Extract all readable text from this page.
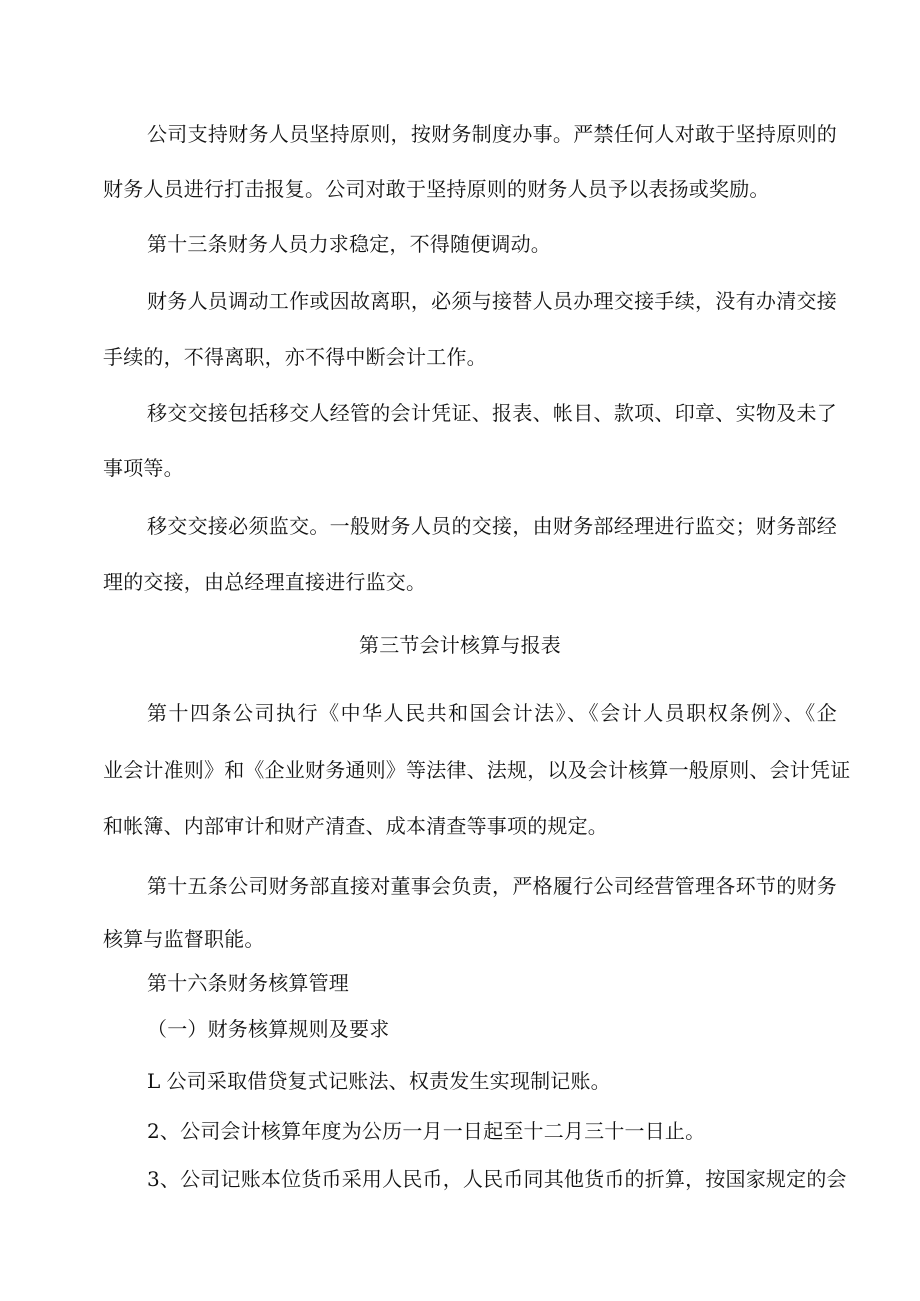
公司支持财务人员坚持原则，按财务制度办事。严禁任何人对敢于坚持原则的
财务人员进行打击报复。公司对敢于坚持原则的财务人员予以表扬或奖励。
第十三条财务人员力求稳定，不得随便调动。
财务人员调动工作或因故离职，必须与接替人员办理交接手续，没有办清交接
手续的，不得离职，亦不得中断会计工作。
移交交接包括移交人经管的会计凭证、报表、帐目、款项、印章、实物及未了
事项等。
移交交接必须监交。一般财务人员的交接，由财务部经理进行监交；财务部经
理的交接，由总经理直接进行监交。
第三节会计核算与报表
第十四条公司执行《中华人民共和国会计法》、《会计人员职权条例》、《企
业会计准则》和《企业财务通则》等法律、法规，以及会计核算一般原则、会计凭证
和帐簿、内部审计和财产清查、成本清查等事项的规定。
第十五条公司财务部直接对董事会负责，严格履行公司经营管理各环节的财务
核算与监督职能。
第十六条财务核算管理
（一）财务核算规则及要求
L 公司采取借贷复式记账法、权责发生实现制记账。
2、公司会计核算年度为公历一月一日起至十二月三十一日止。
3、公司记账本位货币采用人民币，人民币同其他货币的折算，按国家规定的会
